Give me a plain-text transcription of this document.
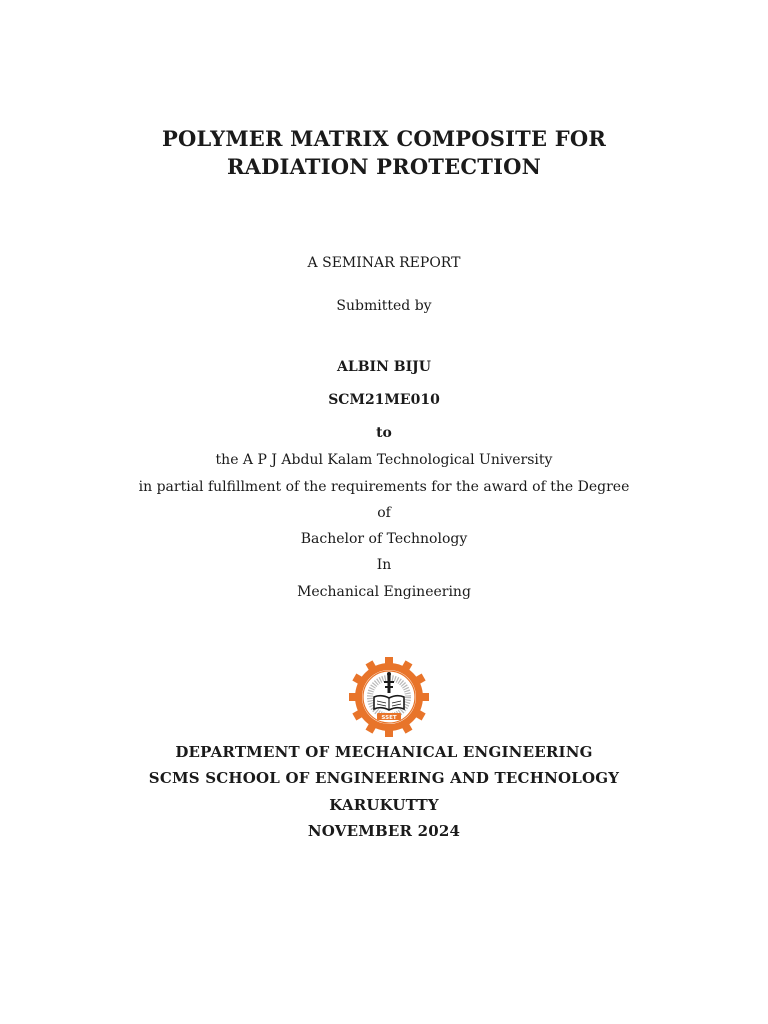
POLYMER MATRIX COMPOSITE FOR
RADIATION PROTECTION
A SEMINAR REPORT
Submitted by
ALBIN BIJU
SCM21ME010
to
the A P J Abdul Kalam Technological University
in partial fulfillment of the requirements for the award of the Degree
of
Bachelor of Technology
In
Mechanical Engineering
SSET
DEPARTMENT OF MECHANICAL ENGINEERING
SCMS SCHOOL OF ENGINEERING AND TECHNOLOGY
KARUKUTTY
NOVEMBER 2024
